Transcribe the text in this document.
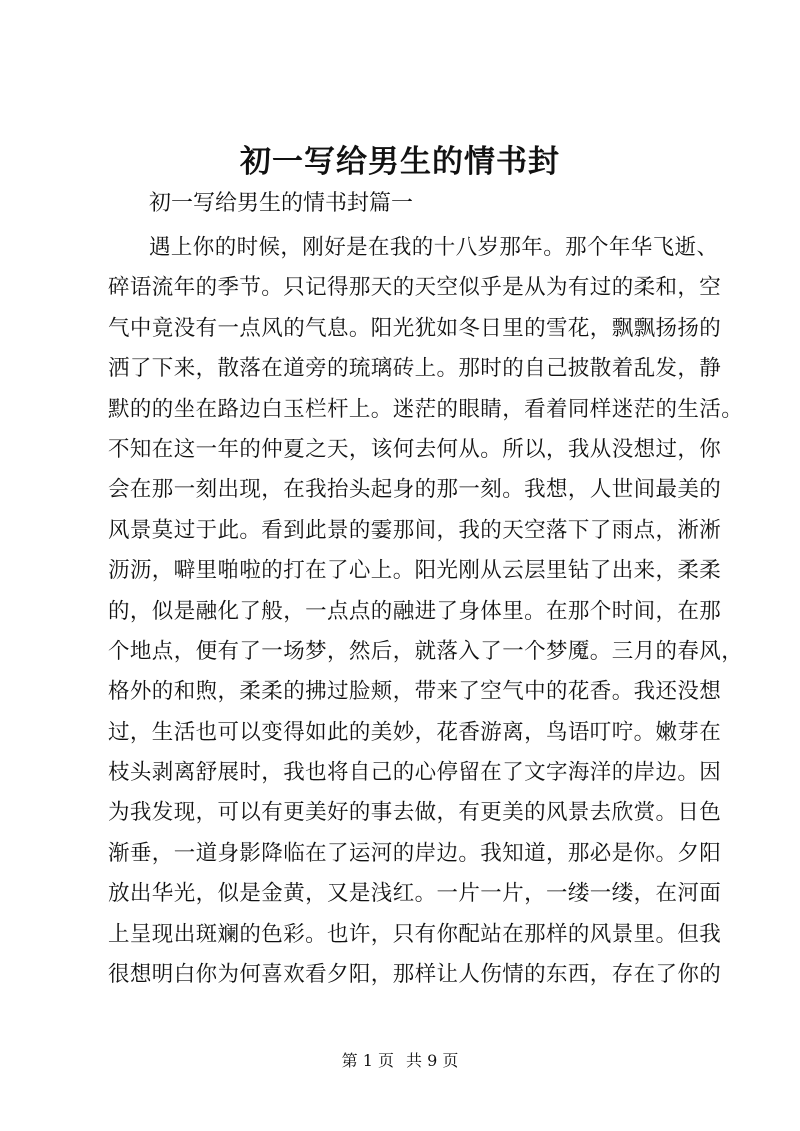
初一写给男生的情书封
初一写给男生的情书封篇一
遇上你的时候，刚好是在我的十八岁那年。那个年华飞逝、
碎语流年的季节。只记得那天的天空似乎是从为有过的柔和，空
气中竟没有一点风的气息。阳光犹如冬日里的雪花，飘飘扬扬的
洒了下来，散落在道旁的琉璃砖上。那时的自己披散着乱发，静
默的的坐在路边白玉栏杆上。迷茫的眼睛，看着同样迷茫的生活。
不知在这一年的仲夏之天，该何去何从。所以，我从没想过，你
会在那一刻出现，在我抬头起身的那一刻。我想，人世间最美的
风景莫过于此。看到此景的霎那间，我的天空落下了雨点，淅淅
沥沥，噼里啪啦的打在了心上。阳光刚从云层里钻了出来，柔柔
的，似是融化了般，一点点的融进了身体里。在那个时间，在那
个地点，便有了一场梦，然后，就落入了一个梦魇。三月的春风，
格外的和煦，柔柔的拂过脸颊，带来了空气中的花香。我还没想
过，生活也可以变得如此的美妙，花香游离，鸟语叮咛。嫩芽在
枝头剥离舒展时，我也将自己的心停留在了文字海洋的岸边。因
为我发现，可以有更美好的事去做，有更美的风景去欣赏。日色
渐垂，一道身影降临在了运河的岸边。我知道，那必是你。夕阳
放出华光，似是金黄，又是浅红。一片一片，一缕一缕，在河面
上呈现出斑斓的色彩。也许，只有你配站在那样的风景里。但我
很想明白你为何喜欢看夕阳，那样让人伤情的东西，存在了你的
第 1 页 共 9 页
